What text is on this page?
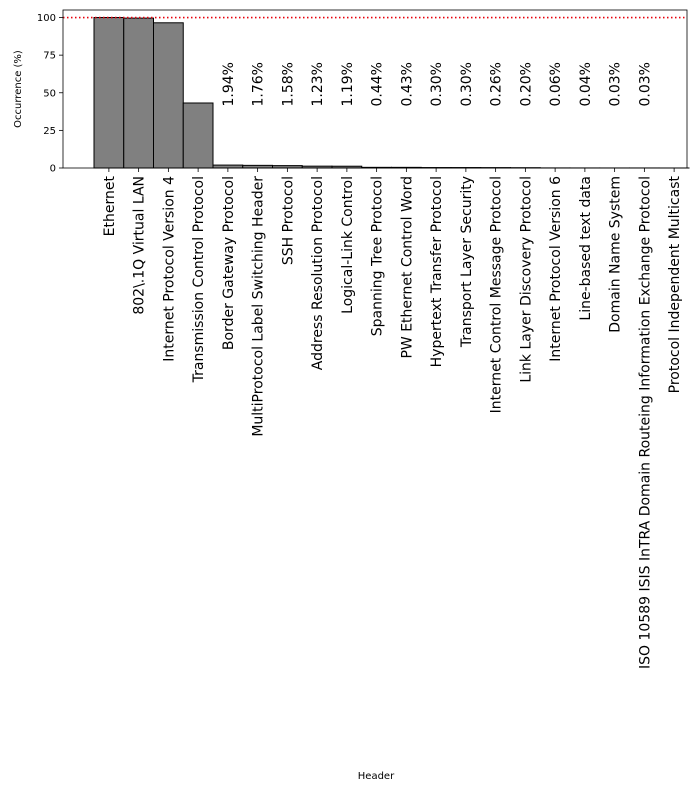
0
25
50
75
100
Ethernet 802\.1Q Virtual LAN Internet Protocol Version 4 Transmission Control Protocol Border Gateway Protocol MultiProtocol Label Switching Header SSH Protocol Address Resolution Protocol Logical-Link Control Spanning Tree Protocol PW Ethernet Control Word Hypertext Transfer Protocol Transport Layer Security Internet Control Message Protocol Link Layer Discovery Protocol Internet Protocol Version 6 Line-based text data Domain Name System ISO 10589 ISIS InTRA Domain Routeing Information Exchange Protocol Protocol Independent Multicast
1.94% 1.76% 1.58% 1.23% 1.19% 0.44% 0.43% 0.30% 0.30% 0.26% 0.20% 0.06% 0.04% 0.03% 0.03%
Occurrence (%)
Header
